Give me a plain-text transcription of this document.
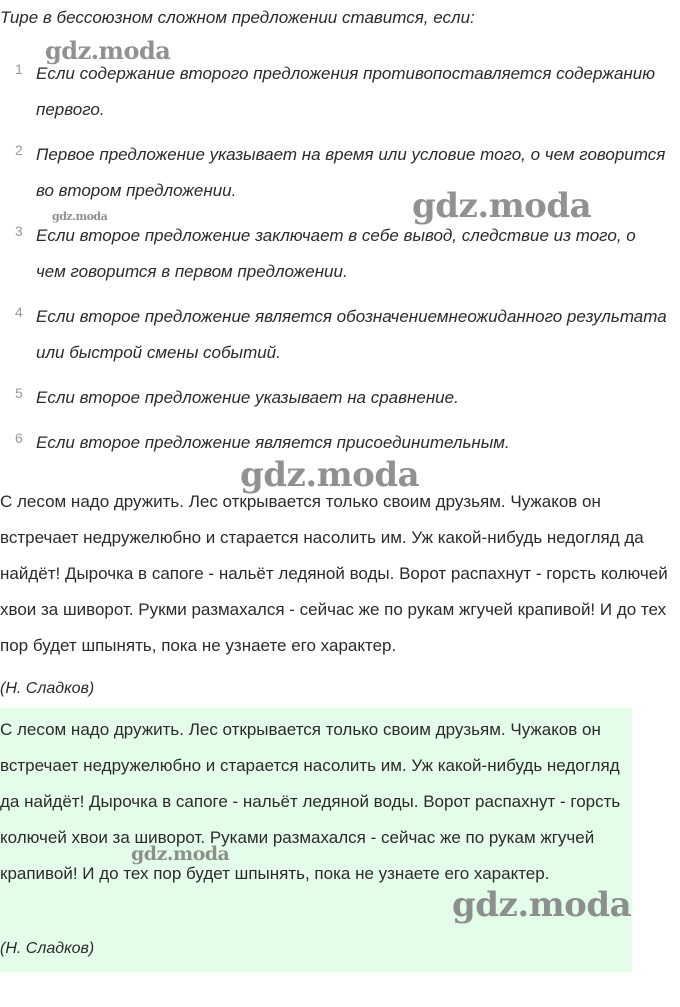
Тире в бессоюзном сложном предложении ставится, если:

1 Если содержание второго предложения противопоставляется содержанию первого.
2 Первое предложение указывает на время или условие того, о чем говорится во втором предложении.
3 Если второе предложение заключает в себе вывод, следствие из того, о чем говорится в первом предложении.
4 Если второе предложение является обозначениемнеожиданного результата или быстрой смены событий.
5 Если второе предложение указывает на сравнение.
6 Если второе предложение является присоединительным.

С лесом надо дружить. Лес открывается только своим друзьям. Чужаков он встречает недружелюбно и старается насолить им. Уж какой-нибудь недогляд да найдёт! Дырочка в сапоге - нальёт ледяной воды. Ворот распахнут - горсть колючей хвои за шиворот. Рукми размахался - сейчас же по рукам жгучей крапивой! И до тех пор будет шпынять, пока не узнаете его характер.

(Н. Сладков)

С лесом надо дружить. Лес открывается только своим друзьям. Чужаков он встречает недружелюбно и старается насолить им. Уж какой-нибудь недогляд да найдёт! Дырочка в сапоге - нальёт ледяной воды. Ворот распахнут - горсть колючей хвои за шиворот. Руками размахался - сейчас же по рукам жгучей крапивой! И до тех пор будет шпынять, пока не узнаете его характер.

(Н. Сладков)

gdz.moda
gdz.moda
gdz.moda
gdz.moda
gdz.moda
gdz.moda
